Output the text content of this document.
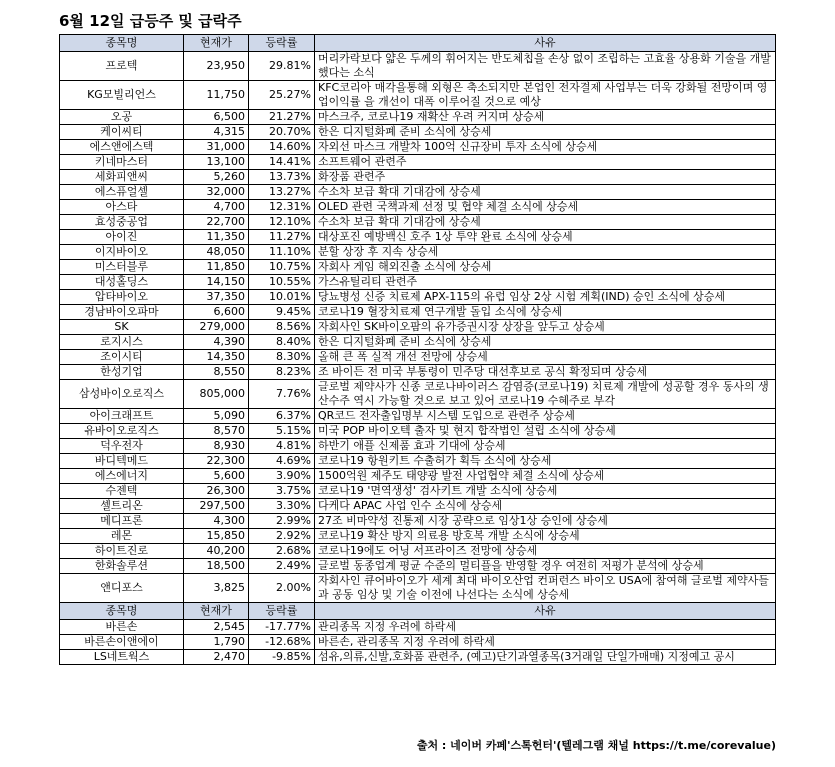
6월 12일 급등주 및 급락주
종목명	현재가	등락률	사유
프로텍	23,950	29.81%	머리카락보다 얇은 두께의 휘어지는 반도체칩을 손상 없이 조립하는 고효율 상용화 기술을 개발했다는 소식
KG모빌리언스	11,750	25.27%	KFC코리아 매각을통해 외형은 축소되지만 본업인 전자결제 사업부는 더욱 강화될 전망이며 영업이익률 을 개선이 대폭 이루어질 것으로 예상
오공	6,500	21.27%	마스크주, 코로나19 재확산 우려 커지며 상승세
케이씨티	4,315	20.70%	한은 디지털화폐 준비 소식에 상승세
에스앤에스텍	31,000	14.60%	자외선 마스크 개발차 100억 신규장비 투자 소식에 상승세
키네마스터	13,100	14.41%	소프트웨어 관련주
세화피앤씨	5,260	13.73%	화장품 관련주
에스퓨얼셀	32,000	13.27%	수소차 보급 확대 기대감에 상승세
아스타	4,700	12.31%	OLED 관련 국책과제 선정 및 협약 체결 소식에 상승세
효성중공업	22,700	12.10%	수소차 보급 확대 기대감에 상승세
아이진	11,350	11.27%	대상포진 예방백신 호주 1상 투약 완료 소식에 상승세
이지바이오	48,050	11.10%	분할 상장 후 지속 상승세
미스터블루	11,850	10.75%	자회사 게임 해외진출 소식에 상승세
대성홀딩스	14,150	10.55%	가스유틸리티 관련주
압타바이오	37,350	10.01%	당뇨병성 신증 치료제 APX-115의 유럽 임상 2상 시험 계획(IND) 승인 소식에 상승세
경남바이오파마	6,600	9.45%	코로나19 혈장치료제 연구개발 돌입 소식에 상승세
SK	279,000	8.56%	자회사인 SK바이오팜의 유가증권시장 상장을 앞두고 상승세
로지시스	4,390	8.40%	한은 디지털화폐 준비 소식에 상승세
조이시티	14,350	8.30%	올해 큰 폭 실적 개선 전망에 상승세
한성기업	8,550	8.23%	조 바이든 전 미국 부통령이 민주당 대선후보로 공식 확정되며 상승세
삼성바이오로직스	805,000	7.76%	글로벌 제약사가 신종 코로나바이러스 감염증(코로나19) 치료제 개발에 성공할 경우 동사의 생산수주 역시 가능할 것으로 보고 있어 코로나19 수혜주로 부각
아이크래프트	5,090	6.37%	QR코드 전자출입명부 시스템 도입으로 관련주 상승세
유바이오로직스	8,570	5.15%	미국 POP 바이오텍 출자 및 현지 합작법인 설립 소식에 상승세
덕우전자	8,930	4.81%	하반기 애플 신제품 효과 기대에 상승세
바디텍메드	22,300	4.69%	코로나19 항원키트 수출허가 획득 소식에 상승세
에스에너지	5,600	3.90%	1500억원 제주도 태양광 발전 사업협약 체결 소식에 상승세
수젠텍	26,300	3.75%	코로나19 '면역생성' 검사키트 개발 소식에 상승세
셀트리온	297,500	3.30%	다케다 APAC 사업 인수 소식에 상승세
메디프론	4,300	2.99%	27조 비마약성 진통제 시장 공략으로 임상1상 승인에 상승세
레몬	15,850	2.92%	코로나19 확산 방지 의료용 방호복 개발 소식에 상승세
하이트진로	40,200	2.68%	코로나19에도 어닝 서프라이즈 전망에 상승세
한화솔루션	18,500	2.49%	글로벌 동종업계 평균 수준의 멀티플을 반영할 경우 여전히 저평가 분석에 상승세
앤디포스	3,825	2.00%	자회사인 큐어바이오가 세계 최대 바이오산업 컨퍼런스 바이오 USA에 참여해 글로벌 제약사들과 공동 임상 및 기술 이전에 나선다는 소식에 상승세
종목명	현재가	등락률	사유
바른손	2,545	-17.77%	관리종목 지정 우려에 하락세
바른손이앤에이	1,790	-12.68%	바른손, 관리종목 지정 우려에 하락세
LS네트웍스	2,470	-9.85%	섬유,의류,신발,호화품 관련주, (예고)단기과열종목(3거래일 단일가매매) 지정예고 공시
출처 : 네이버 카페'스톡헌터'(텔레그램 채널 https://t.me/corevalue)
